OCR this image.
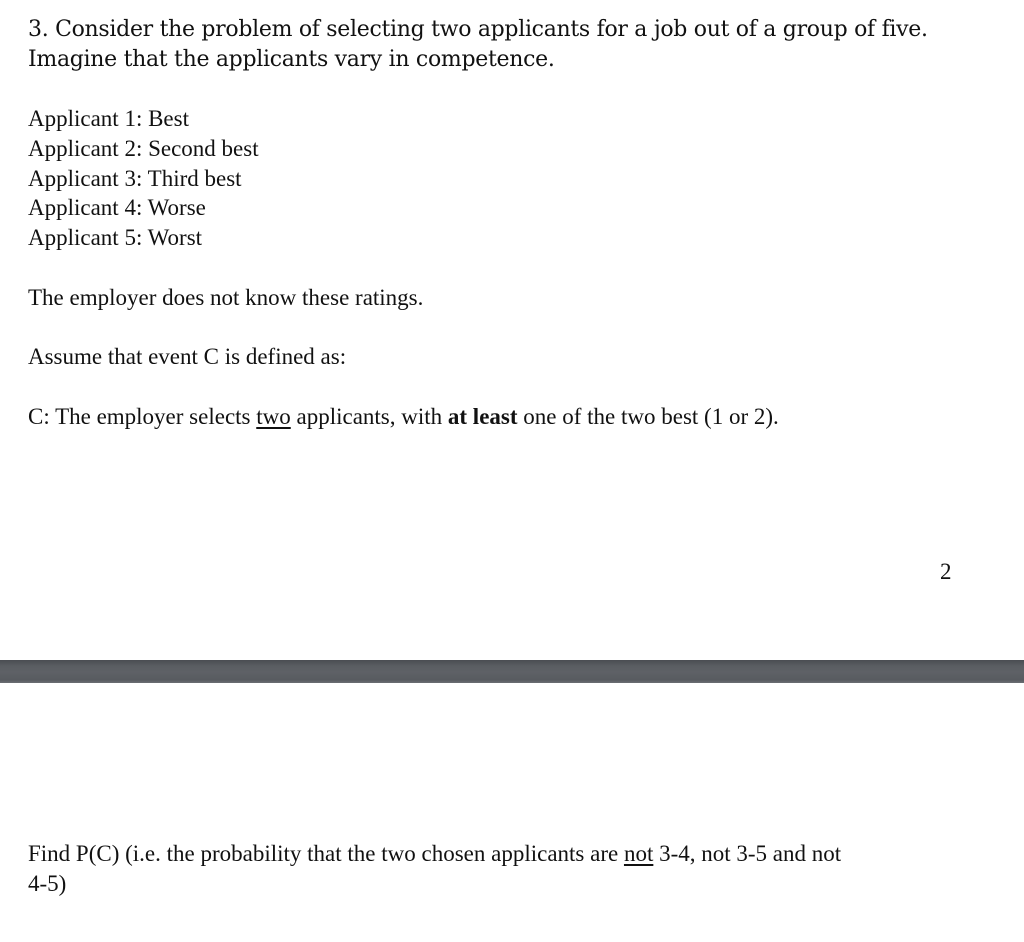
3. Consider the problem of selecting two applicants for a job out of a group of five.
Imagine that the applicants vary in competence.
Applicant 1: Best
Applicant 2: Second best
Applicant 3: Third best
Applicant 4: Worse
Applicant 5: Worst
The employer does not know these ratings.
Assume that event C is defined as:
C: The employer selects two applicants, with at least one of the two best (1 or 2).
2
Find P(C) (i.e. the probability that the two chosen applicants are not 3-4, not 3-5 and not
4-5)
